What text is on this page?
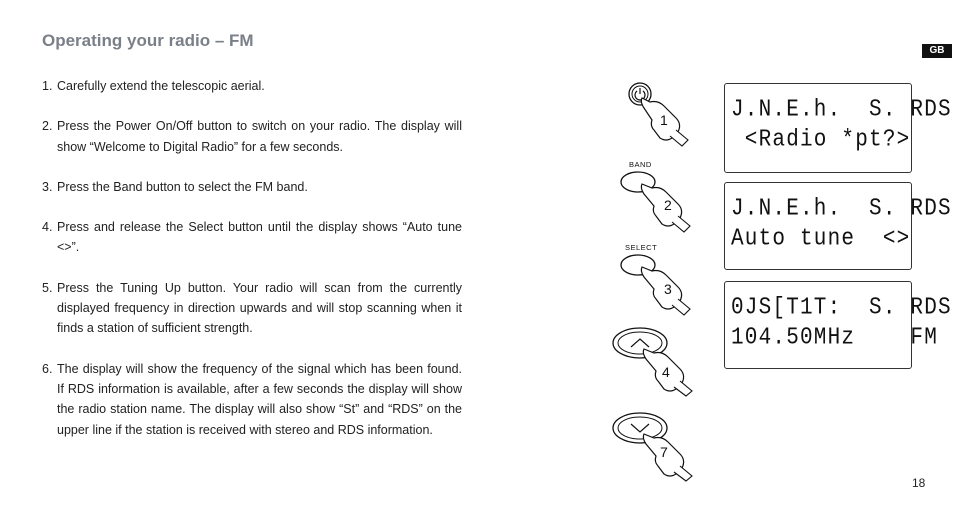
Operating your radio – FM
GB
1. Carefully extend the telescopic aerial.
2. Press the Power On/Off button to switch on your radio. The display will show “Welcome to Digital Radio” for a few seconds.
3. Press the Band button to select the FM band.
4. Press and release the Select button until the display shows “Auto tune <>”.
5. Press the Tuning Up button. Your radio will scan from the currently displayed frequency in direction upwards and will stop scanning when it finds a station of sufficient strength.
6. The display will show the frequency of the signal which has been found. If RDS information is available, after a few seconds the display will show the radio station name. The display will also show “St” and “RDS” on the upper line if the station is received with stereo and RDS information.
1
BAND
2
SELECT
3
4
7
J.N.E.h.  S. RDS
<Radio *pt?>
J.N.E.h.  S. RDS
Auto tune  <>
0JS[T1T:  S. RDS
104.50MHz    FM
18
